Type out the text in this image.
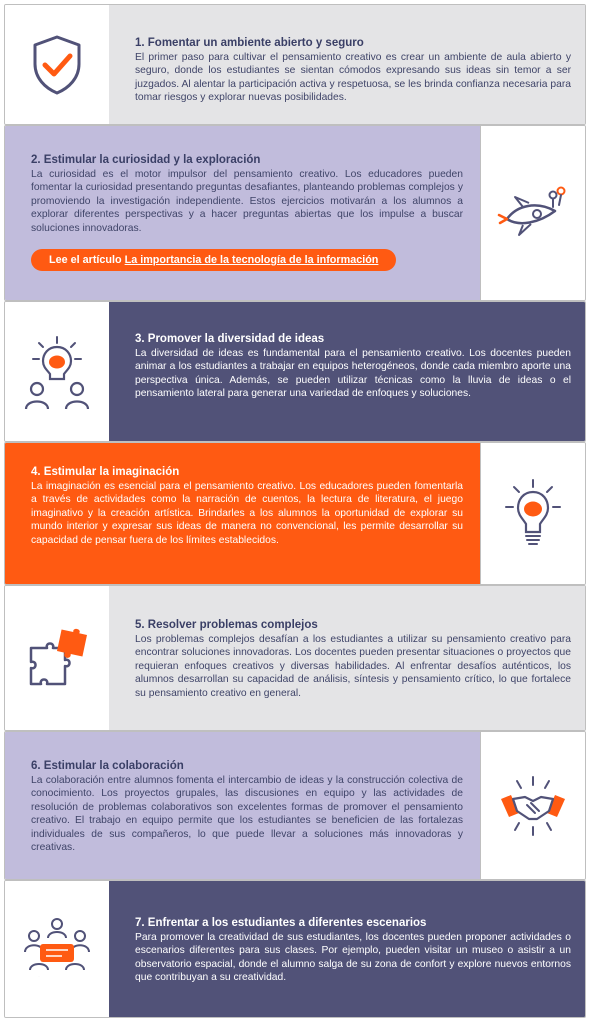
1. Fomentar un ambiente abierto y seguro

El primer paso para cultivar el pensamiento creativo es crear un ambiente de aula abierto y seguro, donde los estudiantes se sientan cómodos expresando sus ideas sin temor a ser juzgados. Al alentar la participación activa y respetuosa, se les brinda confianza necesaria para tomar riesgos y explorar nuevas posibilidades.

2. Estimular la curiosidad y la exploración

La curiosidad es el motor impulsor del pensamiento creativo. Los educadores pueden fomentar la curiosidad presentando preguntas desafiantes, planteando problemas complejos y promoviendo la investigación independiente. Estos ejercicios motivarán a los alumnos a explorar diferentes perspectivas y a hacer preguntas abiertas que los impulse a buscar soluciones innovadoras.

Lee el artículo La importancia de la tecnología de la información

3. Promover la diversidad de ideas

La diversidad de ideas es fundamental para el pensamiento creativo. Los docentes pueden animar a los estudiantes a trabajar en equipos heterogéneos, donde cada miembro aporte una perspectiva única. Además, se pueden utilizar técnicas como la lluvia de ideas o el pensamiento lateral para generar una variedad de enfoques y soluciones.

4. Estimular la imaginación

La imaginación es esencial para el pensamiento creativo. Los educadores pueden fomentarla a través de actividades como la narración de cuentos, la lectura de literatura, el juego imaginativo y la creación artística. Brindarles a los alumnos la oportunidad de explorar su mundo interior y expresar sus ideas de manera no convencional, les permite desarrollar su capacidad de pensar fuera de los límites establecidos.

5. Resolver problemas complejos

Los problemas complejos desafían a los estudiantes a utilizar su pensamiento creativo para encontrar soluciones innovadoras. Los docentes pueden presentar situaciones o proyectos que requieran enfoques creativos y diversas habilidades. Al enfrentar desafíos auténticos, los alumnos desarrollan su capacidad de análisis, síntesis y pensamiento crítico, lo que fortalece su pensamiento creativo en general.

6. Estimular la colaboración

La colaboración entre alumnos fomenta el intercambio de ideas y la construcción colectiva de conocimiento. Los proyectos grupales, las discusiones en equipo y las actividades de resolución de problemas colaborativos son excelentes formas de promover el pensamiento creativo. El trabajo en equipo permite que los estudiantes se beneficien de las fortalezas individuales de sus compañeros, lo que puede llevar a soluciones más innovadoras y creativas.

7. Enfrentar a los estudiantes a diferentes escenarios

Para promover la creatividad de sus estudiantes, los docentes pueden proponer actividades o escenarios diferentes para sus clases. Por ejemplo, pueden visitar un museo o asistir a un observatorio espacial, donde el alumno salga de su zona de confort y explore nuevos entornos que contribuyan a su creatividad.
